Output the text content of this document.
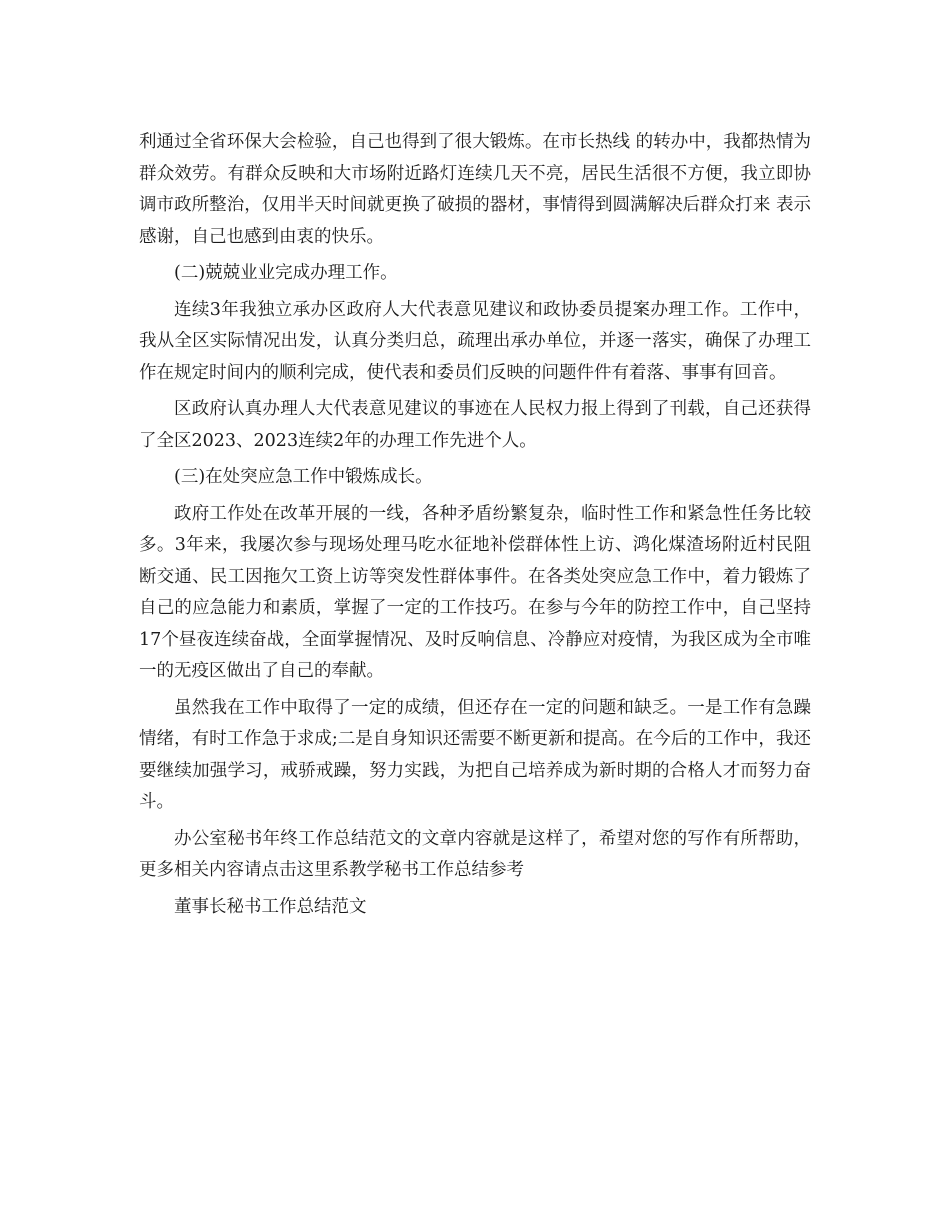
利通过全省环保大会检验，自己也得到了很大锻炼。在市长热线 的转办中，我都热情为群众效劳。有群众反映和大市场附近路灯连续几天不亮，居民生活很不方便，我立即协调市政所整治，仅用半天时间就更换了破损的器材，事情得到圆满解决后群众打来 表示感谢，自己也感到由衷的快乐。

(二)兢兢业业完成办理工作。

连续3年我独立承办区政府人大代表意见建议和政协委员提案办理工作。工作中，我从全区实际情况出发，认真分类归总，疏理出承办单位，并逐一落实，确保了办理工作在规定时间内的顺利完成，使代表和委员们反映的问题件件有着落、事事有回音。

区政府认真办理人大代表意见建议的事迹在人民权力报上得到了刊载，自己还获得了全区2023、2023连续2年的办理工作先进个人。

(三)在处突应急工作中锻炼成长。

政府工作处在改革开展的一线，各种矛盾纷繁复杂，临时性工作和紧急性任务比较多。3年来，我屡次参与现场处理马吃水征地补偿群体性上访、鸿化煤渣场附近村民阻断交通、民工因拖欠工资上访等突发性群体事件。在各类处突应急工作中，着力锻炼了自己的应急能力和素质，掌握了一定的工作技巧。在参与今年的防控工作中，自己坚持17个昼夜连续奋战，全面掌握情况、及时反响信息、冷静应对疫情，为我区成为全市唯一的无疫区做出了自己的奉献。

虽然我在工作中取得了一定的成绩，但还存在一定的问题和缺乏。一是工作有急躁情绪，有时工作急于求成;二是自身知识还需要不断更新和提高。在今后的工作中，我还要继续加强学习，戒骄戒躁，努力实践，为把自己培养成为新时期的合格人才而努力奋斗。

办公室秘书年终工作总结范文的文章内容就是这样了，希望对您的写作有所帮助，更多相关内容请点击这里系教学秘书工作总结参考

董事长秘书工作总结范文
